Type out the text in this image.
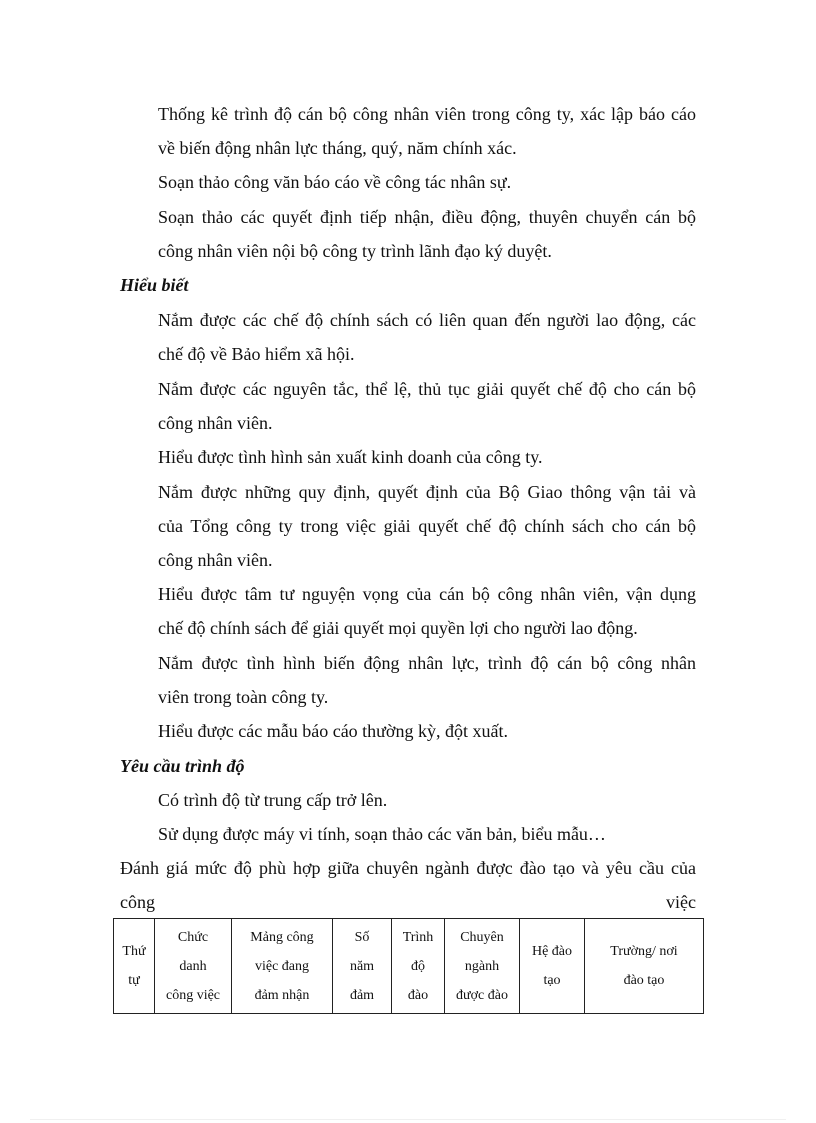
Thống kê trình độ cán bộ công nhân viên trong công ty, xác lập báo cáo
về biến động nhân lực tháng, quý, năm chính xác.
Soạn thảo công văn báo cáo về công tác nhân sự.
Soạn thảo các quyết định tiếp nhận, điều động, thuyên chuyển cán bộ
công nhân viên nội bộ công ty trình lãnh đạo ký duyệt.
Hiểu biết
Nắm được các chế độ chính sách có liên quan đến người lao động, các
chế độ về Bảo hiểm xã hội.
Nắm được các nguyên tắc, thể lệ, thủ tục giải quyết chế độ cho cán bộ
công nhân viên.
Hiểu được tình hình sản xuất kinh doanh của công ty.
Nắm được những quy định, quyết định của Bộ Giao thông vận tải và
của Tổng công ty trong việc giải quyết chế độ chính sách cho cán bộ
công nhân viên.
Hiểu được tâm tư nguyện vọng của cán bộ công nhân viên, vận dụng
chế độ chính sách để giải quyết mọi quyền lợi cho người lao động.
Nắm được tình hình biến động nhân lực, trình độ cán bộ công nhân
viên trong toàn công ty.
Hiểu được các mẫu báo cáo thường kỳ, đột xuất.
Yêu cầu trình độ
Có trình độ từ trung cấp trở lên.
Sử dụng được máy vi tính, soạn thảo các văn bản, biểu mẫu…
Đánh giá mức độ phù hợp giữa chuyên ngành được đào tạo và yêu cầu của
công	việc
Thứ
tự

Chức
danh
công việc

Mảng công
việc đang
đảm nhận

Số
năm
đảm

Trình
độ
đào

Chuyên
ngành
được đào

Hệ đào
tạo

Trường/ nơi
đào tạo
